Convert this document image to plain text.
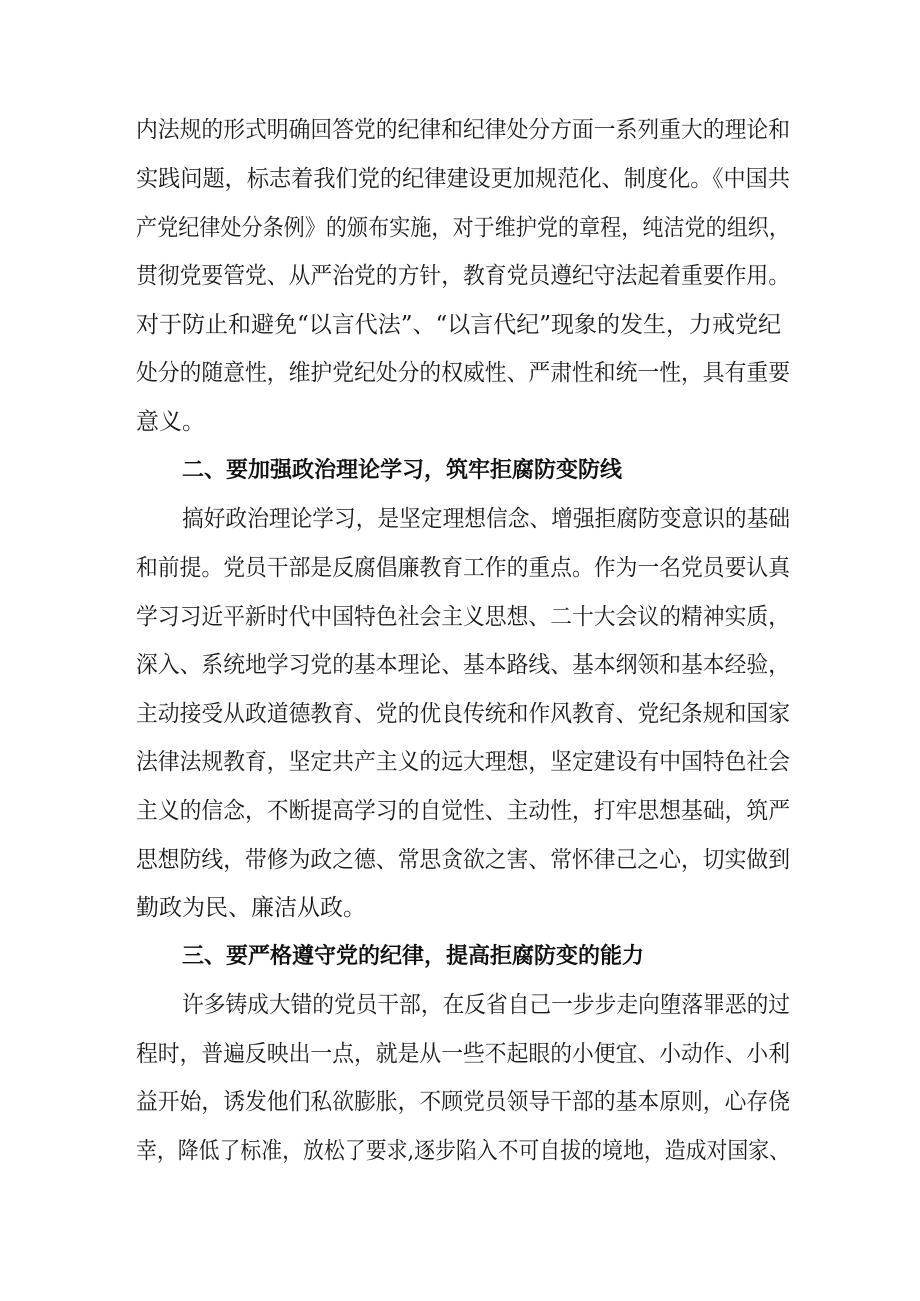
内法规的形式明确回答党的纪律和纪律处分方面一系列重大的理论和
实践问题，标志着我们党的纪律建设更加规范化、制度化。《中国共
产党纪律处分条例》的颁布实施，对于维护党的章程，纯洁党的组织，
贯彻党要管党、从严治党的方针，教育党员遵纪守法起着重要作用。
对于防止和避免“以言代法”、“以言代纪”现象的发生，力戒党纪
处分的随意性，维护党纪处分的权威性、严肃性和统一性，具有重要
意义。
二、要加强政治理论学习，筑牢拒腐防变防线
搞好政治理论学习，是坚定理想信念、增强拒腐防变意识的基础
和前提。党员干部是反腐倡廉教育工作的重点。作为一名党员要认真
学习习近平新时代中国特色社会主义思想、二十大会议的精神实质，
深入、系统地学习党的基本理论、基本路线、基本纲领和基本经验，
主动接受从政道德教育、党的优良传统和作风教育、党纪条规和国家
法律法规教育，坚定共产主义的远大理想，坚定建设有中国特色社会
主义的信念，不断提高学习的自觉性、主动性，打牢思想基础，筑严
思想防线，带修为政之德、常思贪欲之害、常怀律己之心，切实做到
勤政为民、廉洁从政。
三、要严格遵守党的纪律，提高拒腐防变的能力
许多铸成大错的党员干部，在反省自己一步步走向堕落罪恶的过
程时，普遍反映出一点，就是从一些不起眼的小便宜、小动作、小利
益开始，诱发他们私欲膨胀，不顾党员领导干部的基本原则，心存侥
幸，降低了标准，放松了要求,逐步陷入不可自拔的境地，造成对国家、
